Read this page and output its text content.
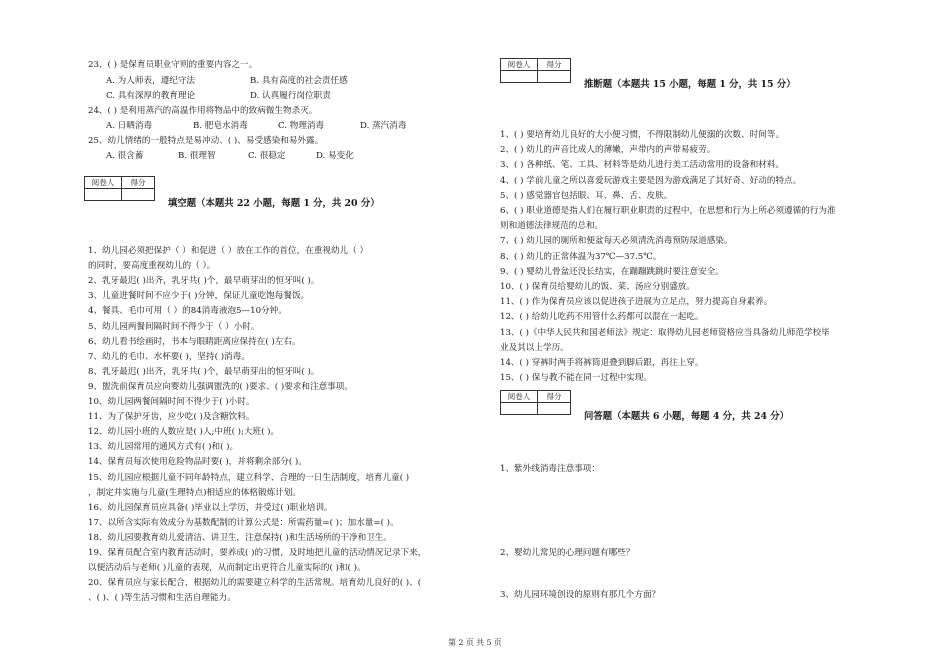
23、( ) 是保育员职业守则的重要内容之一。
A. 为人师表，遵纪守法	B. 具有高度的社会责任感
C. 具有深厚的教育理论	D. 认真履行岗位职责
24、( ) 是利用蒸汽的高温作用将物品中的致病微生物杀灭。
A. 日晒消毒	B. 肥皂水消毒	C. 物理消毒	D. 蒸汽消毒
25、幼儿情绪的一般特点是易冲动、( )、易受感染和易外露。
A. 很含蓄	B. 很理智	C. 很稳定	D. 易变化
阅卷人	得分

填空题（本题共 22 小题，每题 1 分，共 20 分）
1、幼儿园必须把保护（ ）和促进（ ）放在工作的首位，在重视幼儿（ ）
的同时，要高度重视幼儿的（ ）。
2、乳牙最迟( )出齐，乳牙共( )个，最早萌芽出的恒牙叫( )。
3、儿童进餐时间不应少于( )分钟，保证儿童吃饱每餐饭。
4、餐具、毛巾可用（ ）的84消毒液泡5—10分钟。
5、幼儿园两餐间隔时间不得少于（ ）小时。
6、幼儿看书绘画时，书本与眼睛距离应保持在( )左右。
7、幼儿的毛巾、水杯要( )，坚持( )消毒。
8、乳牙最迟( )出齐，乳牙共( )个，最早萌芽出的恒牙叫( )。
9、盥洗前保育员应向婴幼儿强调盥洗的( )要求、( )要求和注意事项。
10、幼儿园两餐间隔时间不得少于( )小时。
11、为了保护牙齿，应少吃( )及含糖饮料。
12、幼儿园小班的人数应是( )人;中班( );大班( )。
13、幼儿园常用的通风方式有( )和( )。
14、保育员每次使用危险物品时要( )，并将剩余部分( )。
15、幼儿园应根据儿童不同年龄特点，建立科学、合理的一日生活制度，培育儿童( )
，制定并实施与儿童(生理特点)相适应的体格锻炼计划。
16、幼儿园保育员应具备( )毕业以上学历，并受过( )职业培训。
17、以所含实际有效成分为基数配制的计算公式是：所需药量=( )；加水量=( )。
18、幼儿园要教育幼儿爱清洁、讲卫生，注意保持( )和生活场所的干净和卫生。
19、保育员配合室内教育活动时，要养成( )的习惯，及时地把儿童的活动情况记录下来，
以便活动后与老师( )儿童的表现，从而制定出更符合儿童实际的( )和( )。
20、保育员应与家长配合，根据幼儿的需要建立科学的生活常规。培育幼儿良好的( )、(
、( )、( )等生活习惯和生活自理能力。
阅卷人	得分

推断题（本题共 15 小题，每题 1 分，共 15 分）
1、( ) 要培育幼儿良好的大小便习惯，不得限制幼儿便溺的次数、时间等。
2、( ) 幼儿的声音比成人的薄嫩，声带内的声带易疲劳。
3、( ) 各种纸、笔、工具、材料等是幼儿进行美工活动常用的设备和材料。
4、( ) 学前儿童之所以喜爱玩游戏主要是因为游戏满足了其好奇、好动的特点。
5、( ) 感觉器官包括眼、耳、鼻、舌、皮肤。
6、( ) 职业道德是指人们在履行职业职责的过程中，在思想和行为上所必须遵循的行为准
则和道德法律规范的总和。
7、( ) 幼儿园的厕所和便盆每天必须清洗消毒预防尿道感染。
8、( ) 幼儿的正常体温为37℃—37.5℃。
9、( ) 婴幼儿骨盆还没长结实，在蹦蹦跳跳时要注意安全。
10、( ) 保育员给婴幼儿的饭、菜、汤应分别盛放。
11、( ) 作为保育员应该以促进孩子进展为立足点，努力提高自身素养。
12、( ) 给幼儿吃药不用管什么药都可以混在一起吃。
13、( )《中华人民共和国老师法》规定：取得幼儿园老师资格应当具备幼儿师范学校毕
业及其以上学历。
14、( ) 穿裤时两手将裤筒退叠到脚后跟，再往上穿。
15、( ) 保与教不能在同一过程中实现。
阅卷人	得分

问答题（本题共 6 小题，每题 4 分，共 24 分）
1、紫外线消毒注意事项：
2、婴幼儿常见的心理问题有哪些？
3、幼儿园环境创设的原则有那几个方面？
第 2 页 共 5 页
